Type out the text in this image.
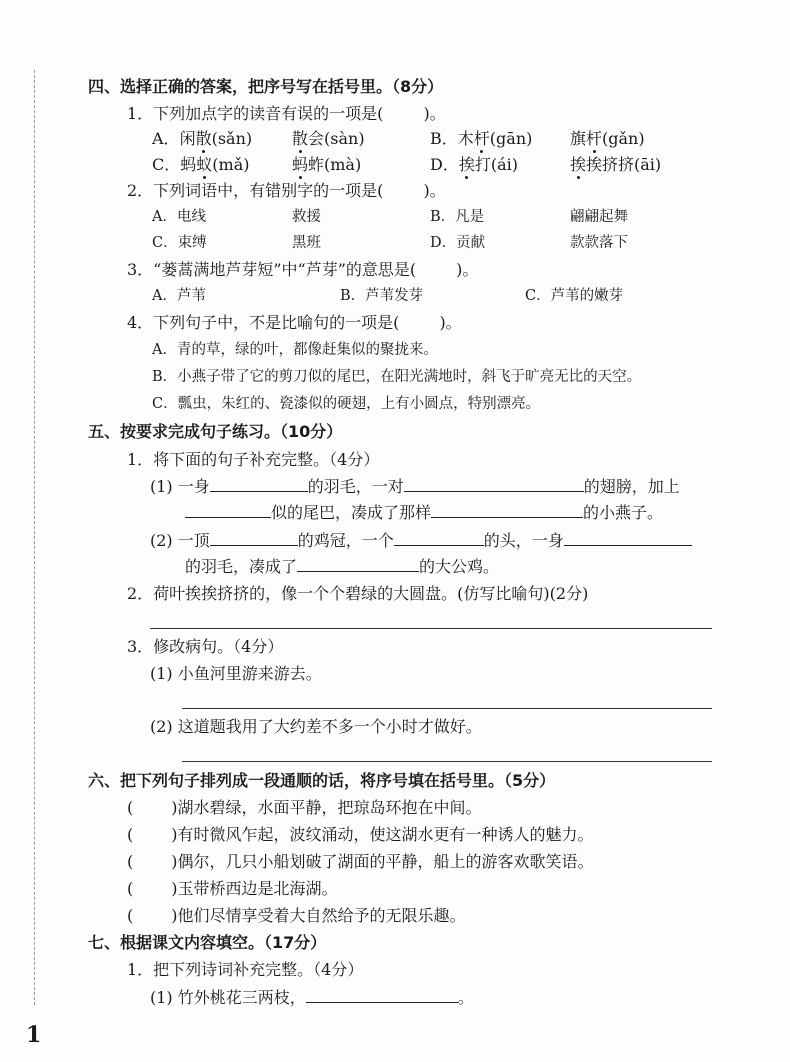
四、选择正确的答案，把序号写在括号里。（8分）
1．下列加点字的读音有误的一项是(	)。
A．闲散(sǎn) 散会(sàn)	B．木杆(gān) 旗杆(gǎn)
C．蚂蚁(mǎ)	蚂蚱(mà)	D．挨打(ái)	挨挨挤挤(āi)
2．下列词语中，有错别字的一项是(	)。
A．电线	救援	B．凡是	翩翩起舞
C．束缚	黑班	D．贡献	款款落下
3．“蒌蒿满地芦芽短”中“芦芽”的意思是(	)。
A．芦苇	B．芦苇发芽	C．芦苇的嫩芽
4．下列句子中，不是比喻句的一项是(	)。
A．青的草，绿的叶，都像赶集似的聚拢来。
B．小燕子带了它的剪刀似的尾巴，在阳光满地时，斜飞于旷亮无比的天空。
C．瓢虫，朱红的、瓷漆似的硬翅，上有小圆点，特别漂亮。
五、按要求完成句子练习。（10分）
1．将下面的句子补充完整。（4分）
(1) 一身	的羽毛，一对	的翅膀，加上
似的尾巴，凑成了那样	的小燕子。
(2) 一顶	的鸡冠，一个	的头，一身
的羽毛，凑成了	的大公鸡。
2．荷叶挨挨挤挤的，像一个个碧绿的大圆盘。(仿写比喻句)(2分)
3．修改病句。（4分）
(1) 小鱼河里游来游去。
(2) 这道题我用了大约差不多一个小时才做好。
六、把下列句子排列成一段通顺的话，将序号填在括号里。（5分）
( )湖水碧绿，水面平静，把琼岛环抱在中间。
( )有时微风乍起，波纹涌动，使这湖水更有一种诱人的魅力。
( )偶尔，几只小船划破了湖面的平静，船上的游客欢歌笑语。
( )玉带桥西边是北海湖。
( )他们尽情享受着大自然给予的无限乐趣。
七、根据课文内容填空。（17分）
1．把下列诗词补充完整。（4分）
(1) 竹外桃花三两枝，	。
1
